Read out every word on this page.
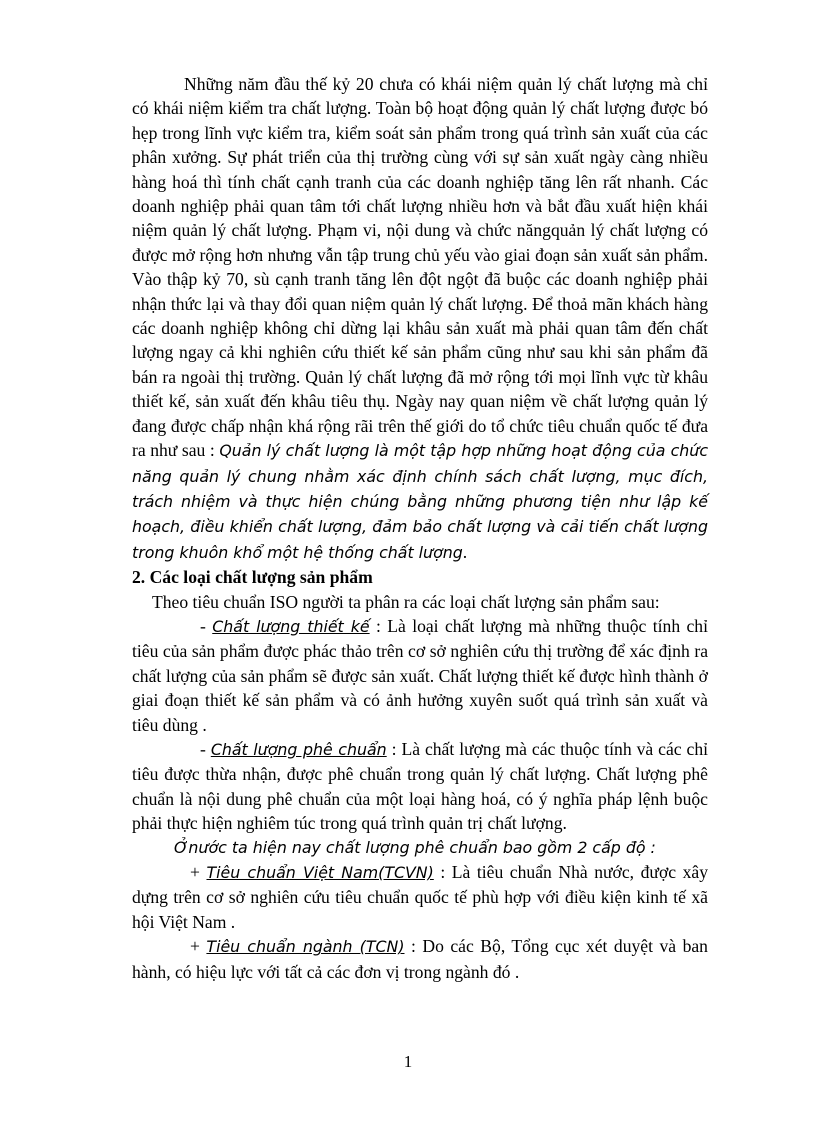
Những năm đầu thế kỷ 20 chưa có khái niệm quản lý chất lượng mà chỉ có khái niệm kiểm tra chất lượng. Toàn bộ hoạt động quản lý chất lượng được bó hẹp trong lĩnh vực kiểm tra, kiểm soát sản phẩm trong quá trình sản xuất của các phân xưởng. Sự phát triển của thị trường cùng với sự sản xuất ngày càng nhiều hàng hoá thì tính chất cạnh tranh của các doanh nghiệp tăng lên rất nhanh. Các doanh nghiệp phải quan tâm tới chất lượng nhiều hơn và bắt đầu xuất hiện khái niệm quản lý chất lượng. Phạm vi, nội dung và chức năngquản lý chất lượng có được mở rộng hơn nhưng vẫn tập trung chủ yếu vào giai đoạn sản xuất sản phẩm. Vào thập kỷ 70, sù cạnh tranh tăng lên đột ngột đã buộc các doanh nghiệp phải nhận thức lại và thay đổi quan niệm quản lý chất lượng. Để thoả mãn khách hàng các doanh nghiệp không chỉ dừng lại khâu sản xuất mà phải quan tâm đến chất lượng ngay cả khi nghiên cứu thiết kế sản phẩm cũng như sau khi sản phẩm đã bán ra ngoài thị trường. Quản lý chất lượng đã mở rộng tới mọi lĩnh vực từ khâu thiết kế, sản xuất đến khâu tiêu thụ. Ngày nay quan niệm về chất lượng quản lý đang được chấp nhận khá rộng rãi trên thế giới do tổ chức tiêu chuẩn quốc tế đưa ra như sau : Quản lý chất lượng là một tập hợp những hoạt động của chức năng quản lý chung nhằm xác định chính sách chất lượng, mục đích, trách nhiệm và thực hiện chúng bằng những phương tiện như lập kế hoạch, điều khiển chất lượng, đảm bảo chất lượng và cải tiến chất lượng trong khuôn khổ một hệ thống chất lượng.

2. Các loại chất lượng sản phẩm

Theo tiêu chuẩn ISO người ta phân ra các loại chất lượng sản phẩm sau:

- Chất lượng thiết kế : Là loại chất lượng mà những thuộc tính chỉ tiêu của sản phẩm được phác thảo trên cơ sở nghiên cứu thị trường để xác định ra chất lượng của sản phẩm sẽ được sản xuất. Chất lượng thiết kế được hình thành ở giai đoạn thiết kế sản phẩm và có ảnh hưởng xuyên suốt quá trình sản xuất và tiêu dùng .

- Chất lượng phê chuẩn : Là chất lượng mà các thuộc tính và các chỉ tiêu được thừa nhận, được phê chuẩn trong quản lý chất lượng. Chất lượng phê chuẩn là nội dung phê chuẩn của một loại hàng hoá, có ý nghĩa pháp lệnh buộc phải thực hiện nghiêm túc trong quá trình quản trị chất lượng.

Ởnước ta hiện nay chất lượng phê chuẩn bao gồm 2 cấp độ :

+ Tiêu chuẩn Việt Nam(TCVN) : Là tiêu chuẩn Nhà nước, được xây dựng trên cơ sở nghiên cứu tiêu chuẩn quốc tế phù hợp với điều kiện kinh tế xã hội Việt Nam .

+ Tiêu chuẩn ngành (TCN) : Do các Bộ, Tổng cục xét duyệt và ban hành, có hiệu lực với tất cả các đơn vị trong ngành đó .

1
